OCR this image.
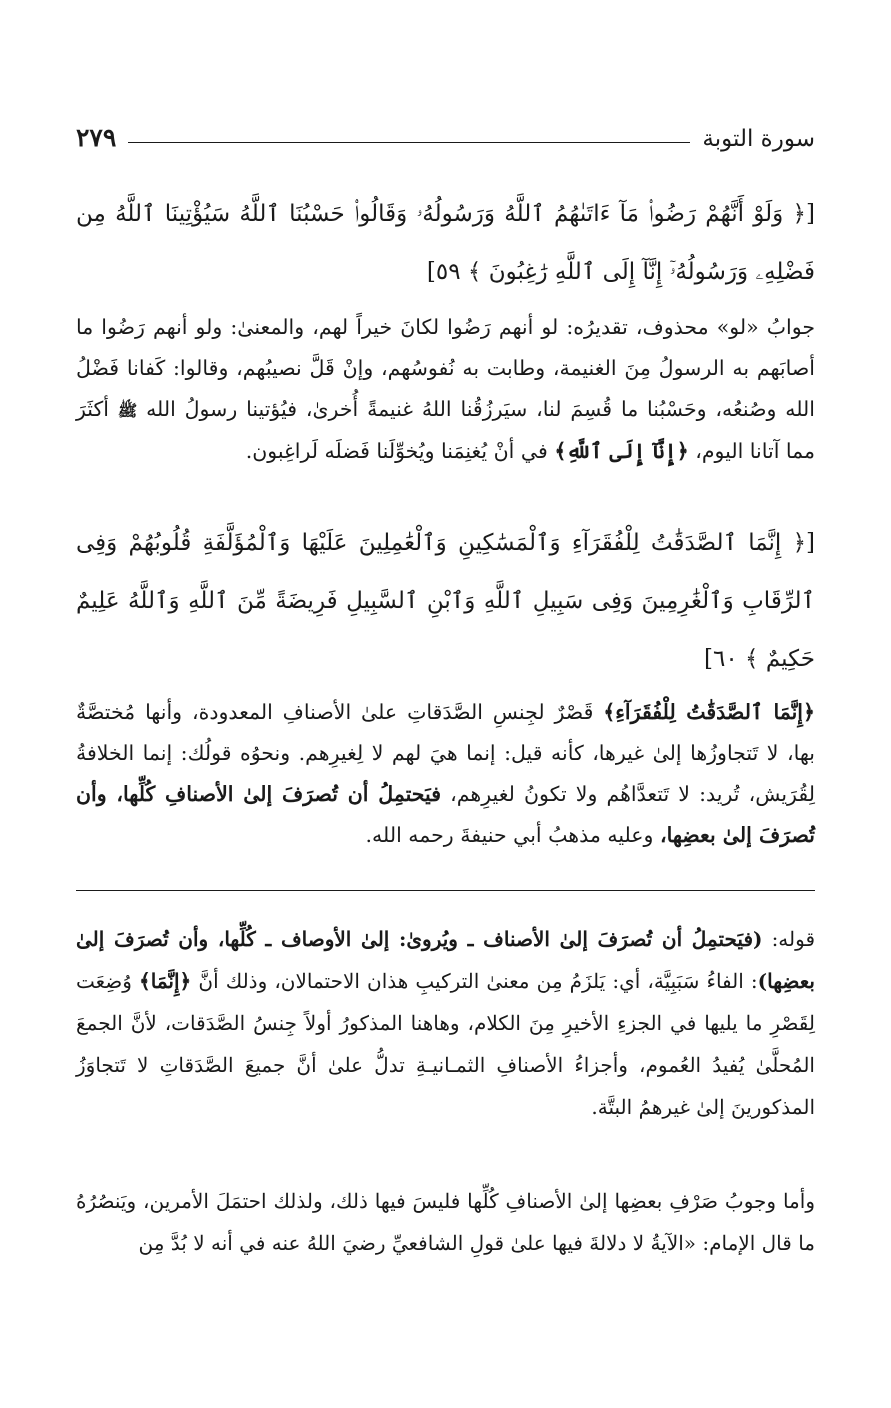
سورة التوبة
٢٧٩
[﴿ وَلَوْ أَنَّهُمْ رَضُوا۟ مَآ ءَاتَىٰهُمُ ٱللَّهُ وَرَسُولُهُۥ وَقَالُوا۟ حَسْبُنَا ٱللَّهُ سَيُؤْتِينَا ٱللَّهُ مِن فَضْلِهِۦ وَرَسُولُهُۥٓ إِنَّآ إِلَى ٱللَّهِ رَٰغِبُونَ ﴾ ٥٩]
جوابُ «لو» محذوف، تقديرُه: لو أنهم رَضُوا لكانَ خيراً لهم، والمعنىٰ: ولو أنهم رَضُوا ما أصابَهم به الرسولُ مِنَ الغنيمة، وطابت به نُفوسُهم، وإنْ قَلَّ نصيبُهم، وقالوا: كَفانا فَضْلُ الله وصُنعُه، وحَسْبُنا ما قُسِمَ لنا، سيَرزُقُنا اللهُ غنيمةً أُخرىٰ، فيُؤتينا رسولُ الله ﷺ أكثَرَ مما آتانا اليوم، ﴿إِنَّآ إِلَى ٱللَّهِ﴾ في أنْ يُغنِمَنا ويُخوِّلَنا فَضلَه لَراغِبون.
[﴿ إِنَّمَا ٱلصَّدَقَٰتُ لِلْفُقَرَآءِ وَٱلْمَسَٰكِينِ وَٱلْعَٰمِلِينَ عَلَيْهَا وَٱلْمُؤَلَّفَةِ قُلُوبُهُمْ وَفِى ٱلرِّقَابِ وَٱلْغَٰرِمِينَ وَفِى سَبِيلِ ٱللَّهِ وَٱبْنِ ٱلسَّبِيلِ فَرِيضَةً مِّنَ ٱللَّهِ وَٱللَّهُ عَلِيمٌ حَكِيمٌ ﴾ ٦٠]
﴿إِنَّمَا ٱلصَّدَقَٰتُ لِلْفُقَرَآءِ﴾ قَصْرٌ لجِنسِ الصَّدَقاتِ علىٰ الأصنافِ المعدودة، وأنها مُختصَّةٌ بها، لا تَتجاوزُها إلىٰ غيرها، كأنه قيل: إنما هيَ لهم لا لِغيرِهم. ونحوُه قولُك: إنما الخلافةُ لِقُرَيش، تُريد: لا تَتعدَّاهُم ولا تكونُ لغيرِهم، فيَحتمِلُ أن تُصرَفَ إلىٰ الأصنافِ كُلِّها، وأن تُصرَفَ إلىٰ بعضِها، وعليه مذهبُ أبي حنيفةَ رحمه الله.
قوله: (فيَحتمِلُ أن تُصرَفَ إلىٰ الأصناف ـ ويُروىٰ: إلىٰ الأوصاف ـ كُلِّها، وأن تُصرَفَ إلىٰ بعضِها): الفاءُ سَبَبِيَّة، أي: يَلزَمُ مِن معنىٰ التركيبِ هذان الاحتمالان، وذلك أنَّ ﴿إِنَّمَا﴾ وُضِعَت لِقَصْرِ ما يليها في الجزءِ الأخيرِ مِنَ الكلام، وهاهنا المذكورُ أولاً جِنسُ الصَّدَقات، لأنَّ الجمعَ المُحلَّىٰ يُفيدُ العُموم، وأجزاءُ الأصنافِ الثمـانيـةِ تدلُّ علىٰ أنَّ جميعَ الصَّدَقاتِ لا تَتجاوَزُ المذكورينَ إلىٰ غيرهمُ البتَّة.
وأما وجوبُ صَرْفِ بعضِها إلىٰ الأصنافِ كُلِّها فليسَ فيها ذلك، ولذلك احتمَلَ الأمرين، ويَنصُرُهُ ما قال الإمام: «الآيةُ لا دلالةَ فيها علىٰ قولِ الشافعيِّ رضيَ اللهُ عنه في أنه لا بُدَّ مِن
